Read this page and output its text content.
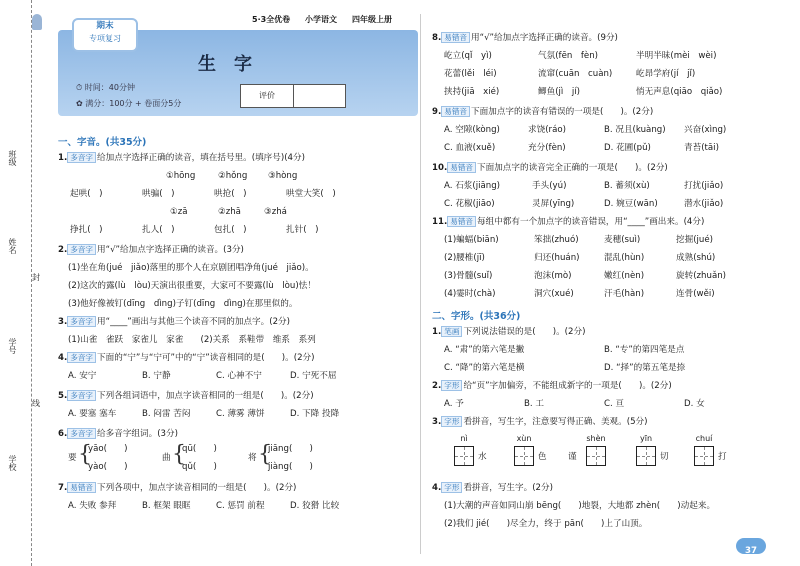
班级
姓名
封
学号
线
学校
期末
专项复习
5·3全优卷 小学语文 四年级上册
生　字
⏱ 时间：40分钟
✿ 满分：100分 + 卷面分5分
评价
一、字音。(共35分)
1. 多音字 给加点字选择正确的读音，填在括号里。(填序号)(4分)
①hōng	②hǒng ③hòng
起哄(　)	哄骗(　)	哄抢(　)	哄堂大笑(　)
①zā	②zhā	③zhá
挣扎(　)	扎人(　)	包扎(　)	扎针(　)
2. 多音字 用“√”给加点字选择正确的读音。(3分)
(1)坐在角(jué　jiǎo)落里的那个人在京剧团唱净角(jué　jiǎo)。
(2)这次的露(lù　lòu)天演出很重要，大家可不要露(lù　lòu)怯！
(3)他好像被钉(dīng　dìng)子钉(dīng　dìng)在那里似的。
3. 多音字 用“____”画出与其他三个读音不同的加点字。(2分)
(1)山雀　雀跃　家雀儿　家雀　　(2)关系　系鞋带　维系　系列
4. 多音字 下面的“宁”与“宁可”中的“宁”读音相同的是(　　)。(2分)
A. 安宁	B. 宁静	C. 心神不宁	D. 宁死不屈
5. 多音字 下列各组词语中，加点字读音相同的一组是(　　)。(2分)
A. 要塞 塞车	B. 闷雷 苦闷	C. 薄雾 薄饼	D. 下降 投降
6. 多音字 给多音字组词。(3分)
要 {
yāo(　　)
yào(　　)
曲 {
qū(　　)
qǔ(　　)
将 {
jiāng(　　)
jiàng(　　)
7. 易错音 下列各项中，加点字读音相同的一组是(　　)。(2分)
A. 失败 参拜	B. 框架 眼眶	C. 惩罚 前程	D. 狡猾 比较
8. 易错音 用“√”给加点字选择正确的读音。(9分)
屹立(qǐ　yì)	气氛(fēn　fèn)	半明半昧(mèi　wèi)
花蕾(lěi　léi)	流窜(cuān　cuàn)	屹昂学府(jí　jǐ)
挟持(jiā　xié)	鲫鱼(jì　jí)	悄无声息(qiāo　qiǎo)
9. 易错音 下面加点字的读音有错误的一项是(　　)。(2分)
A. 空隙(kòng)	求饶(ráo)	B. 况且(kuàng) 兴奋(xìng)
C. 血液(xuě)	充分(fèn)	D. 花圃(pǔ)	青苔(tāi)
10. 易错音 下面加点字的读音完全正确的一项是(　　)。(2分)
A. 石浆(jiāng)	手头(yú)	B. 蓄须(xù)	打扰(jiǎo)
C. 花椒(jiāo)	灵屏(yīng)	D. 婉豆(wān)	潜水(jiǎo)
11. 易错音 每组中都有一个加点字的读音错误，用“____”画出来。(4分)
(1)蝙蝠(biān)	笨拙(zhuó)	麦穗(suì)	挖掘(jué)
(2)腰椎(jī)	归还(huán)	混乱(hùn)	成熟(shú)
(3)骨髓(suǐ)	泡沫(mò)	嫩红(nèn)	旋转(zhuǎn)
(4)霎时(chà)	洞穴(xué)	汗毛(hàn)	连骨(wěi)
二、字形。(共36分)
1. 笔画 下列说法错误的是(　　)。(2分)
A. “肃”的第六笔是撇	B. “专”的第四笔是点
C. “降”的第六笔是横	D. “择”的第五笔是捺
2. 字形 给“页”字加偏旁，不能组成新字的一项是(　　)。(2分)
A. 予	B. 工	C. 亘	D. 女
3. 字形 看拼音，写生字，注意要写得正确、美观。(5分)
nì
水
xùn
色 谨
shèn	yīn
切
chuí
打
4. 字形 看拼音，写生字。(2分)
(1)大潮的声音如同山崩 bēng(　　)地裂，大地都 zhèn(　　)动起来。
(2)我们 jié(　　)尽全力，终于 pān(　　)上了山顶。
37
